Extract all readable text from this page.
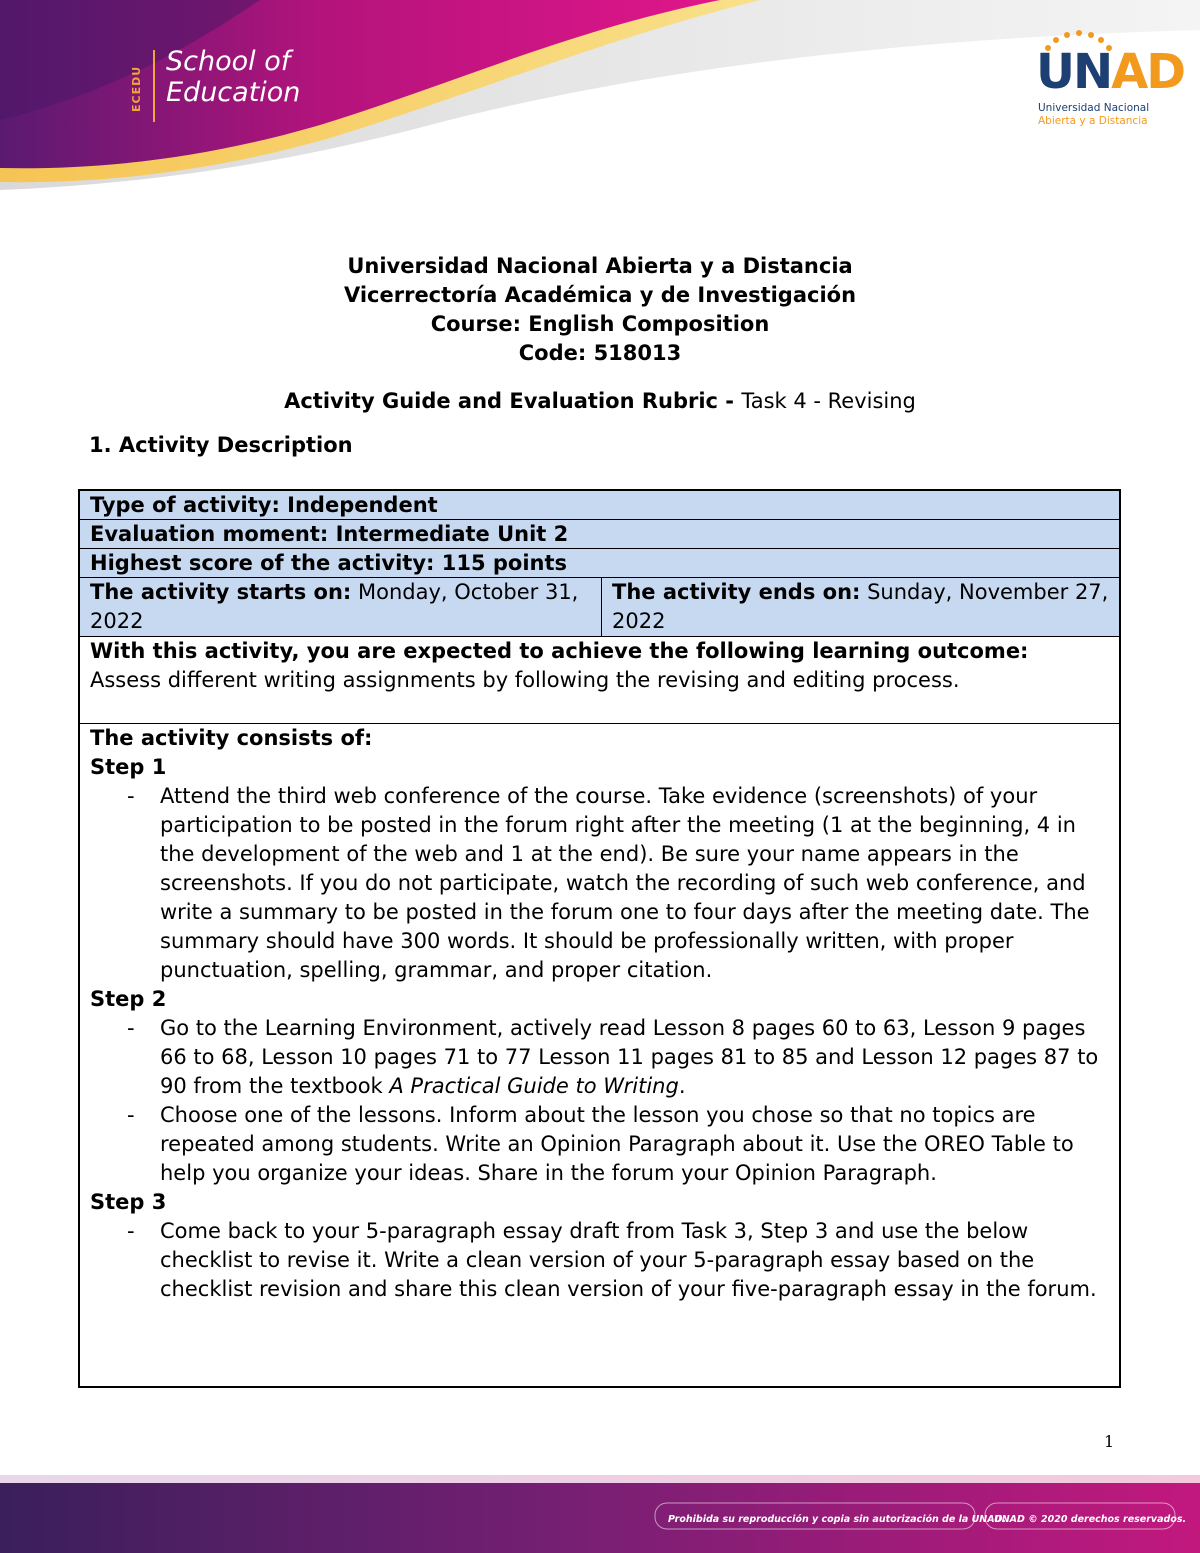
ECEDU
School of
Education	UNAD
Universidad Nacional
Abierta y a Distancia
Universidad Nacional Abierta y a Distancia
Vicerrectoría Académica y de Investigación
Course: English Composition
Code: 518013
Activity Guide and Evaluation Rubric - Task 4 - Revising
1. Activity Description
Type of activity: Independent
Evaluation moment: Intermediate Unit 2
Highest score of the activity: 115 points
The activity starts on: Monday, October 31, 2022
The activity ends on: Sunday, November 27, 2022
With this activity, you are expected to achieve the following learning outcome:
Assess different writing assignments by following the revising and editing process.
The activity consists of:
Step 1
- Attend the third web conference of the course. Take evidence (screenshots) of your participation to be posted in the forum right after the meeting (1 at the beginning, 4 in the development of the web and 1 at the end). Be sure your name appears in the screenshots. If you do not participate, watch the recording of such web conference, and write a summary to be posted in the forum one to four days after the meeting date. The summary should have 300 words. It should be professionally written, with proper punctuation, spelling, grammar, and proper citation.
Step 2
- Go to the Learning Environment, actively read Lesson 8 pages 60 to 63, Lesson 9 pages 66 to 68, Lesson 10 pages 71 to 77 Lesson 11 pages 81 to 85 and Lesson 12 pages 87 to 90 from the textbook A Practical Guide to Writing.
- Choose one of the lessons. Inform about the lesson you chose so that no topics are repeated among students. Write an Opinion Paragraph about it. Use the OREO Table to help you organize your ideas. Share in the forum your Opinion Paragraph.
Step 3
- Come back to your 5-paragraph essay draft from Task 3, Step 3 and use the below checklist to revise it. Write a clean version of your 5-paragraph essay based on the checklist revision and share this clean version of your five-paragraph essay in the forum.
1
Prohibida su reproducción y copia sin autorización de la UNAD.
UNAD © 2020 derechos reservados.
